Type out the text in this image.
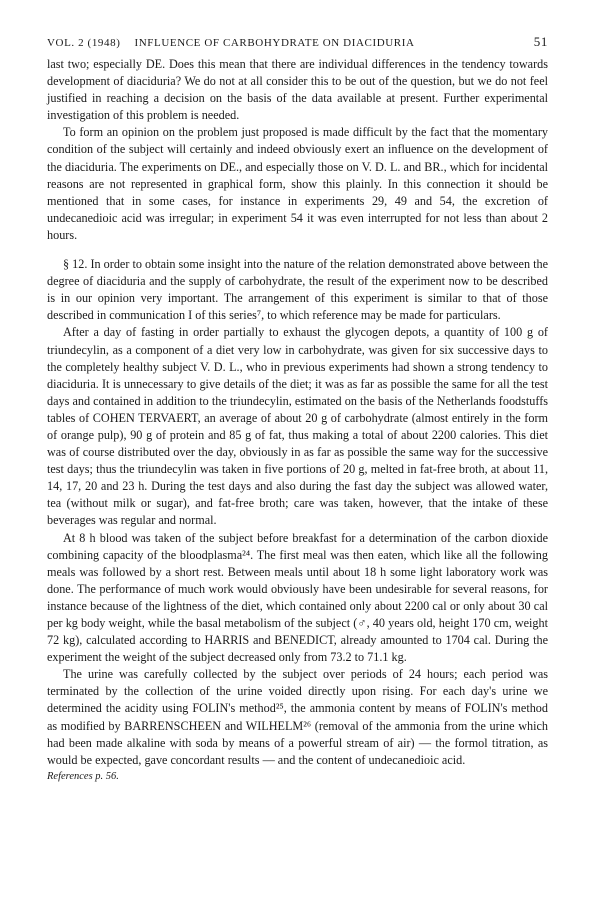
VOL. 2 (1948) INFLUENCE OF CARBOHYDRATE ON DIACIDURIA	51

last two; especially DE. Does this mean that there are individual differences in the tendency towards development of diaciduria? We do not at all consider this to be out of the question, but we do not feel justified in reaching a decision on the basis of the data available at present. Further experimental investigation of this problem is needed.

To form an opinion on the problem just proposed is made difficult by the fact that the momentary condition of the subject will certainly and indeed obviously exert an influence on the development of the diaciduria. The experiments on DE., and especially those on V. D. L. and BR., which for incidental reasons are not represented in graphical form, show this plainly. In this connection it should be mentioned that in some cases, for instance in experiments 29, 49 and 54, the excretion of undecanedioic acid was irregular; in experiment 54 it was even interrupted for not less than about 2 hours.

§ 12. In order to obtain some insight into the nature of the relation demonstrated above between the degree of diaciduria and the supply of carbohydrate, the result of the experiment now to be described is in our opinion very important. The arrangement of this experiment is similar to that of those described in communication I of this series⁷, to which reference may be made for particulars.

After a day of fasting in order partially to exhaust the glycogen depots, a quantity of 100 g of triundecylin, as a component of a diet very low in carbohydrate, was given for six successive days to the completely healthy subject V. D. L., who in previous experiments had shown a strong tendency to diaciduria. It is unnecessary to give details of the diet; it was as far as possible the same for all the test days and contained in addition to the triundecylin, estimated on the basis of the Netherlands foodstuffs tables of COHEN TERVAERT, an average of about 20 g of carbohydrate (almost entirely in the form of orange pulp), 90 g of protein and 85 g of fat, thus making a total of about 2200 calories. This diet was of course distributed over the day, obviously in as far as possible the same way for the successive test days; thus the triundecylin was taken in five portions of 20 g, melted in fat-free broth, at about 11, 14, 17, 20 and 23 h. During the test days and also during the fast day the subject was allowed water, tea (without milk or sugar), and fat-free broth; care was taken, however, that the intake of these beverages was regular and normal.

At 8 h blood was taken of the subject before breakfast for a determination of the carbon dioxide combining capacity of the bloodplasma²⁴. The first meal was then eaten, which like all the following meals was followed by a short rest. Between meals until about 18 h some light laboratory work was done. The performance of much work would obviously have been undesirable for several reasons, for instance because of the lightness of the diet, which contained only about 2200 cal or only about 30 cal per kg body weight, while the basal metabolism of the subject (♂, 40 years old, height 170 cm, weight 72 kg), calculated according to HARRIS and BENEDICT, already amounted to 1704 cal. During the experiment the weight of the subject decreased only from 73.2 to 71.1 kg.

The urine was carefully collected by the subject over periods of 24 hours; each period was terminated by the collection of the urine voided directly upon rising. For each day's urine we determined the acidity using FOLIN's method²⁵, the ammonia content by means of FOLIN's method as modified by BARRENSCHEEN and WILHELM²⁶ (removal of the ammonia from the urine which had been made alkaline with soda by means of a powerful stream of air) — the formol titration, as would be expected, gave concordant results — and the content of undecanedioic acid.

References p. 56.
